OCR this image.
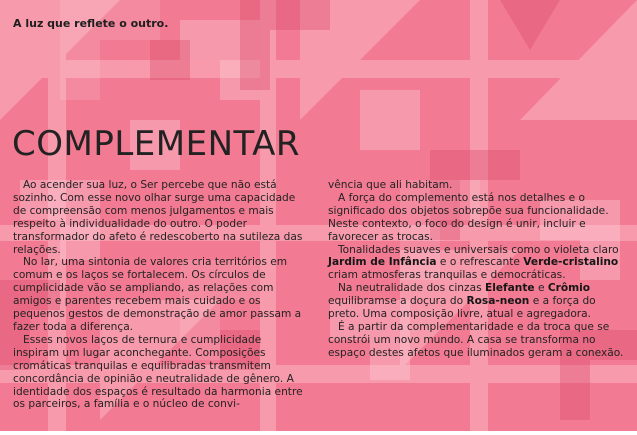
A luz que reflete o outro.
COMPLEMENTAR

Ao acender sua luz, o Ser percebe que não está sozinho. Com esse novo olhar surge uma capacidade de compreensão com menos julgamentos e mais respeito à individualidade do outro. O poder transformador do afeto é redescoberto na sutileza das relações.

No lar, uma sintonia de valores cria territórios em comum e os laços se fortalecem. Os círculos de cumplicidade vão se ampliando, as relações com amigos e parentes recebem mais cuidado e os pequenos gestos de demonstração de amor passam a fazer toda a diferença.

Esses novos laços de ternura e cumplicidade inspiram um lugar aconchegante. Composições cromáticas tranquilas e equilibradas transmitem concordância de opinião e neutralidade de gênero. A identidade dos espaços é resultado da harmonia entre os parceiros, a família e o núcleo de convi-

vência que ali habitam.

A força do complemento está nos detalhes e o significado dos objetos sobrepõe sua funcionalidade. Neste contexto, o foco do design é unir, incluir e favorecer as trocas.

Tonalidades suaves e universais como o violeta claro Jardim de Infância e o refrescante Verde-cristalino criam atmosferas tranquilas e democráticas.

Na neutralidade dos cinzas Elefante e Crômio equilibramse a doçura do Rosa-neon e a força do preto. Uma composição livre, atual e agregadora.

É a partir da complementaridade e da troca que se constrói um novo mundo. A casa se transforma no espaço destes afetos que iluminados geram a conexão.
